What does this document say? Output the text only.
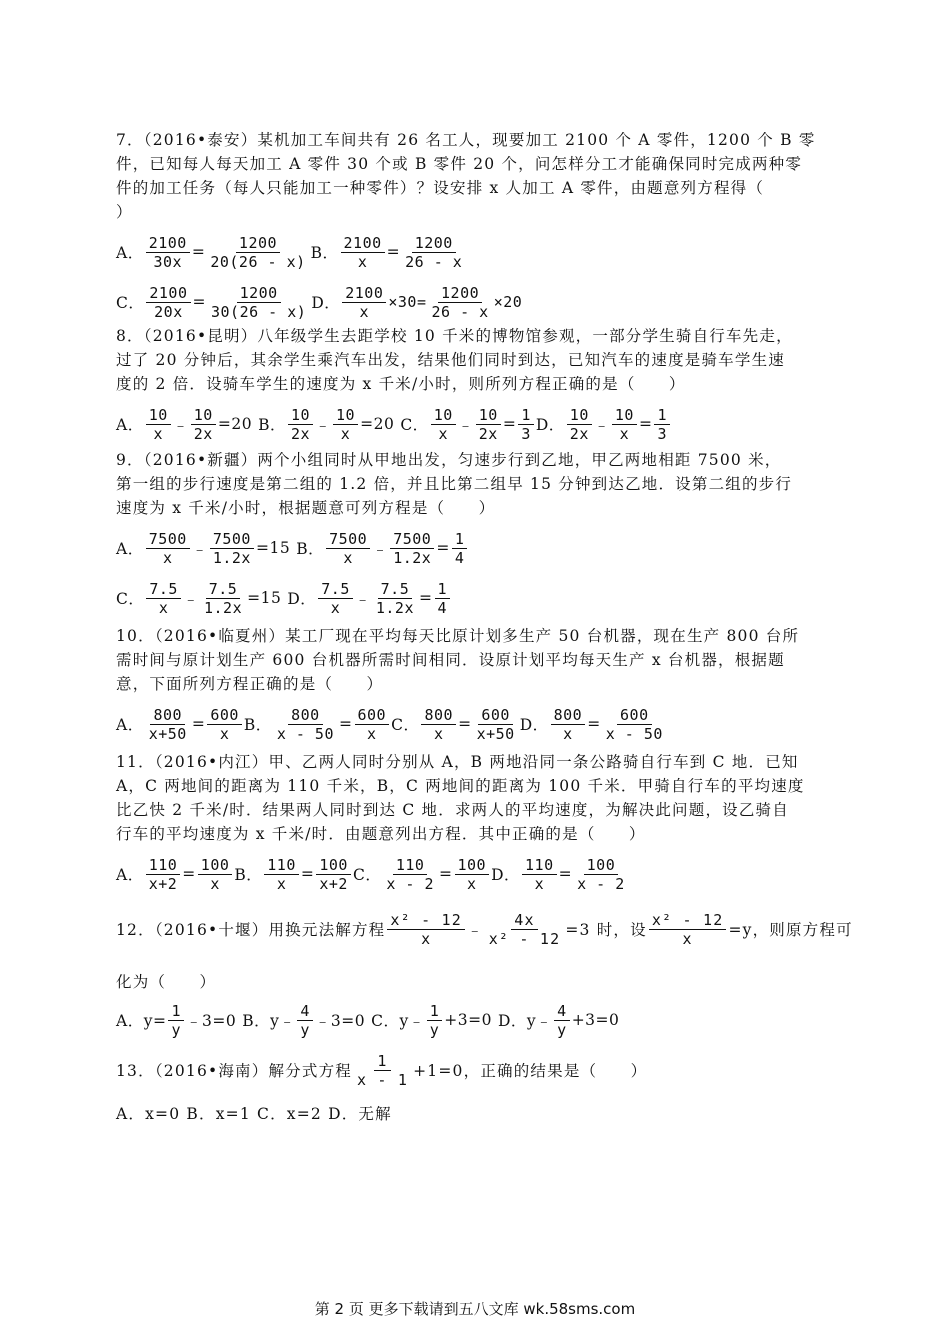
7．（2016•泰安）某机加工车间共有 26 名工人，现要加工 2100 个 A 零件，1200 个 B 零
件，已知每人每天加工 A 零件 30 个或 B 零件 20 个，问怎样分工才能确保同时完成两种零
件的加工任务（每人只能加工一种零件）？设安排 x 人加工 A 零件，由题意列方程得（
）
A． $\frac{2100}{30x} = \frac{1200}{20(26 - x)}$ B． $\frac{2100}{x} = \frac{1200}{26 - x}$
C． $\frac{2100}{20x} = \frac{1200}{30(26 - x)}$ D． $\frac{2100}{x} \times 30= \frac{1200}{26 - x} \times 20$
8．（2016•昆明）八年级学生去距学校 10 千米的博物馆参观，一部分学生骑自行车先走，
过了 20 分钟后，其余学生乘汽车出发，结果他们同时到达，已知汽车的速度是骑车学生速
度的 2 倍．设骑车学生的速度为 x 千米/小时，则所列方程正确的是（　　）
A． $\frac{10}{x}$ ﹣ $\frac{10}{2x} =20$ B． $\frac{10}{2x}$ ﹣ $\frac{10}{x} =20$ C． $\frac{10}{x}$ ﹣ $\frac{10}{2x} = \frac{1}{3}$ D． $\frac{10}{2x}$ ﹣ $\frac{10}{x} = \frac{1}{3}$
9．（2016•新疆）两个小组同时从甲地出发，匀速步行到乙地，甲乙两地相距 7500 米，
第一组的步行速度是第二组的 1.2 倍，并且比第二组早 15 分钟到达乙地．设第二组的步行
速度为 x 千米/小时，根据题意可列方程是（　　）
A． $\frac{7500}{x}$ ﹣ $\frac{7500}{1.2x} =15$ B． $\frac{7500}{x}$ ﹣ $\frac{7500}{1.2x} = \frac{1}{4}$
C． $\frac{7.5}{x}$ ﹣ $\frac{7.5}{1.2x} =15$ D． $\frac{7.5}{x}$ ﹣ $\frac{7.5}{1.2x} = \frac{1}{4}$
10．（2016•临夏州）某工厂现在平均每天比原计划多生产 50 台机器，现在生产 800 台所
需时间与原计划生产 600 台机器所需时间相同．设原计划平均每天生产 x 台机器，根据题
意，下面所列方程正确的是（　　）
A． $\frac{800}{x+50} = \frac{600}{x}$ B． $\frac{800}{x - 50} = \frac{600}{x}$ C． $\frac{800}{x} = \frac{600}{x+50}$ D． $\frac{800}{x} = \frac{600}{x - 50}$
11．（2016•内江）甲、乙两人同时分别从 A，B 两地沿同一条公路骑自行车到 C 地．已知
A，C 两地间的距离为 110 千米，B，C 两地间的距离为 100 千米．甲骑自行车的平均速度
比乙快 2 千米/时．结果两人同时到达 C 地．求两人的平均速度，为解决此问题，设乙骑自
行车的平均速度为 x 千米/时．由题意列出方程．其中正确的是（　　）
A． $\frac{110}{x+2} = \frac{100}{x}$ B． $\frac{110}{x} = \frac{100}{x+2}$ C． $\frac{110}{x - 2} = \frac{100}{x}$ D． $\frac{110}{x} = \frac{100}{x - 2}$
12．（2016•十堰）用换元法解方程 $\frac{\text{x² - 12}}{x}$ ﹣ $\frac{4x}{\text{x² - 12}} =3$ 时，设 $\frac{\text{x² - 12}}{x} =y$，则原方程可
化为（　　）
A．$y= \frac{1}{y}$ ﹣3=0 B．y﹣ $\frac{4}{y}$ ﹣3=0 C．y﹣ $\frac{1}{y} +3=0$ D．y﹣ $\frac{4}{y} +3=0$
13．（2016•海南）解分式方程 $\frac{1}{x - 1} +1=0$，正确的结果是（　　）
A．x=0 B．x=1 C．x=2 D．无解
第 2 页 更多下载请到五八文库 wk.58sms.com
